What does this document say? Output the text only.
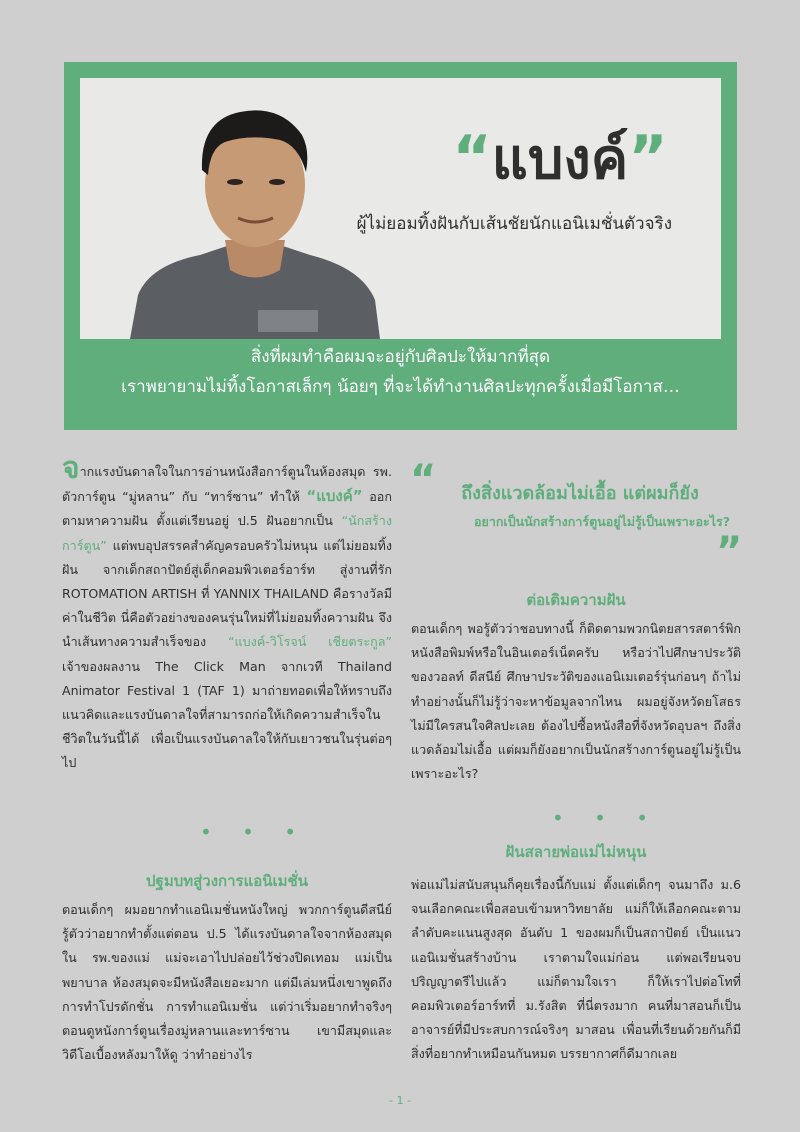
“แบงค์”
ผู้ไม่ยอมทิ้งฝันกับเส้นชัยนักแอนิเมชั่นตัวจริง
สิ่งที่ผมทำคือผมจะอยู่กับศิลปะให้มากที่สุด
เราพยายามไม่ทิ้งโอกาสเล็กๆ น้อยๆ ที่จะได้ทำงานศิลปะทุกครั้งเมื่อมีโอกาส…

จากแรงบันดาลใจในการอ่านหนังสือการ์ตูนในห้องสมุด รพ. ตัวการ์ตูน “มู่หลาน” กับ “ทาร์ซาน” ทำให้ “แบงค์” ออกตามหาความฝัน ตั้งแต่เรียนอยู่ ป.5 ฝันอยากเป็น “นักสร้างการ์ตูน” แต่พบอุปสรรคสำคัญครอบครัวไม่หนุน แต่ไม่ยอมทิ้งฝัน จากเด็กสถาปัตย์สู่เด็กคอมพิวเตอร์อาร์ท สู่งานที่รัก ROTOMATION ARTISH ที่ YANNIX THAILAND คือรางวัลมีค่าในชีวิต นี่คือตัวอย่างของคนรุ่นใหม่ที่ไม่ยอมทิ้งความฝัน จึงนำเส้นทางความสำเร็จของ “แบงค์-วิโรจน์ เชียตระกูล” เจ้าของผลงาน The Click Man จากเวที Thailand Animator Festival 1 (TAF 1) มาถ่ายทอดเพื่อให้ทราบถึงแนวคิดและแรงบันดาลใจที่สามารถก่อให้เกิดความสำเร็จในชีวิตในวันนี้ได้ เพื่อเป็นแรงบันดาลใจให้กับเยาวชนในรุ่นต่อๆไป

• • •
ปฐมบทสู่วงการแอนิเมชั่น

ตอนเด็กๆ ผมอยากทำแอนิเมชั่นหนังใหญ่ พวกการ์ตูนดีสนีย์ รู้ตัวว่าอยากทำตั้งแต่ตอน ป.5 ได้แรงบันดาลใจจากห้องสมุดใน รพ.ของแม่ แม่จะเอาไปปล่อยไว้ช่วงปิดเทอม แม่เป็นพยาบาล ห้องสมุดจะมีหนังสือเยอะมาก แต่มีเล่มหนึ่งเขาพูดถึงการทำโปรดักชั่น การทำแอนิเมชั่น แต่ว่าเริ่มอยากทำจริงๆ ตอนดูหนังการ์ตูนเรื่องมู่หลานและทาร์ซาน เขามีสมุดและวิดีโอเบื้องหลังมาให้ดู ว่าทำอย่างไร

“	ถึงสิ่งแวดล้อมไม่เอื้อ แต่ผมก็ยัง
อยากเป็นนักสร้างการ์ตูนอยู่ไม่รู้เป็นเพราะอะไร?
”
ต่อเติมความฝัน

ตอนเด็กๆ พอรู้ตัวว่าชอบทางนี้ ก็ติดตามพวกนิตยสารสตาร์พิก หนังสือพิมพ์หรือในอินเตอร์เน็ตครับ หรือว่าไปศึกษาประวัติของวอลท์ ดีสนีย์ ศึกษาประวัติของแอนิเมเตอร์รุ่นก่อนๆ ถ้าไม่ทำอย่างนั้นก็ไม่รู้ว่าจะหาข้อมูลจากไหน ผมอยู่จังหวัดยโสธรไม่มีใครสนใจศิลปะเลย ต้องไปซื้อหนังสือที่จังหวัดอุบลฯ ถึงสิ่งแวดล้อมไม่เอื้อ แต่ผมก็ยังอยากเป็นนักสร้างการ์ตูนอยู่ไม่รู้เป็นเพราะอะไร?

• • •
ฝันสลายพ่อแม่ไม่หนุน

พ่อแม่ไม่สนับสนุนก็คุยเรื่องนี้กับแม่ ตั้งแต่เด็กๆ จนมาถึง ม.6 จนเลือกคณะเพื่อสอบเข้ามหาวิทยาลัย แม่ก็ให้เลือกคณะตามลำดับคะแนนสูงสุด อันดับ 1 ของผมก็เป็นสถาปัตย์ เป็นแนวแอนิเมชั่นสร้างบ้าน เราตามใจแม่ก่อน แต่พอเรียนจบ ปริญญาตรีไปแล้ว แม่ก็ตามใจเรา ก็ให้เราไปต่อโทที่คอมพิวเตอร์อาร์ทที่ ม.รังสิต ที่นี่ตรงมาก คนที่มาสอนก็เป็นอาจารย์ที่มีประสบการณ์จริงๆ มาสอน เพื่อนที่เรียนด้วยกันก็มีสิ่งที่อยากทำเหมือนกันหมด บรรยากาศก็ดีมากเลย

- 1 -
